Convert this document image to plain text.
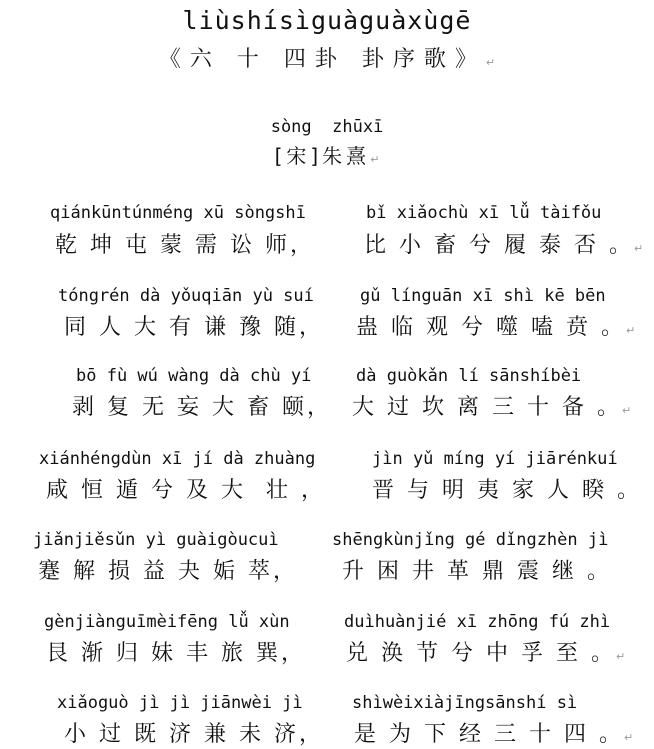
liùshísìguàguàxùgē
《六 十 四卦 卦序歌》↵
sòng  zhūxī
[宋]朱熹↵
qiánkūntúnméng xū sòngshī
乾 坤 屯 蒙 需 讼 师，
bǐ xiǎochù xī lǚ tàifǒu
比 小 畜 兮 履 泰 否 。↵
tóngrén dà yǒuqiān yù suí
同 人 大 有 谦 豫 随，
gǔ línguān xī shì kē bēn
蛊 临 观 兮 噬 嗑 贲 。↵
bō fù wú wàng dà chù yí
剥 复 无 妄 大 畜 颐，
dà guòkǎn lí sānshíbèi
大 过 坎 离 三 十 备 。↵
xiánhéngdùn xī jí dà zhuàng
咸 恒 遁 兮 及 大  壮 ，
jìn yǔ míng yí jiārénkuí
晋 与 明 夷 家 人 睽 。
jiǎnjiěsǔn yì guàigòucuì
蹇 解 损 益 夬 姤 萃，
shēngkùnjǐng gé dǐngzhèn jì
升 困 井 革 鼎 震 继 。
gènjiànguīmèifēng lǚ xùn
艮 渐 归 妹 丰 旅 巽，
duìhuànjié xī zhōng fú zhì
兑 涣 节 兮 中 孚 至 。↵
xiǎoguò jì jì jiānwèi jì
小 过 既 济 兼 未 济，
shìwèixiàjīngsānshí sì
是 为 下 经 三 十 四 。↵
